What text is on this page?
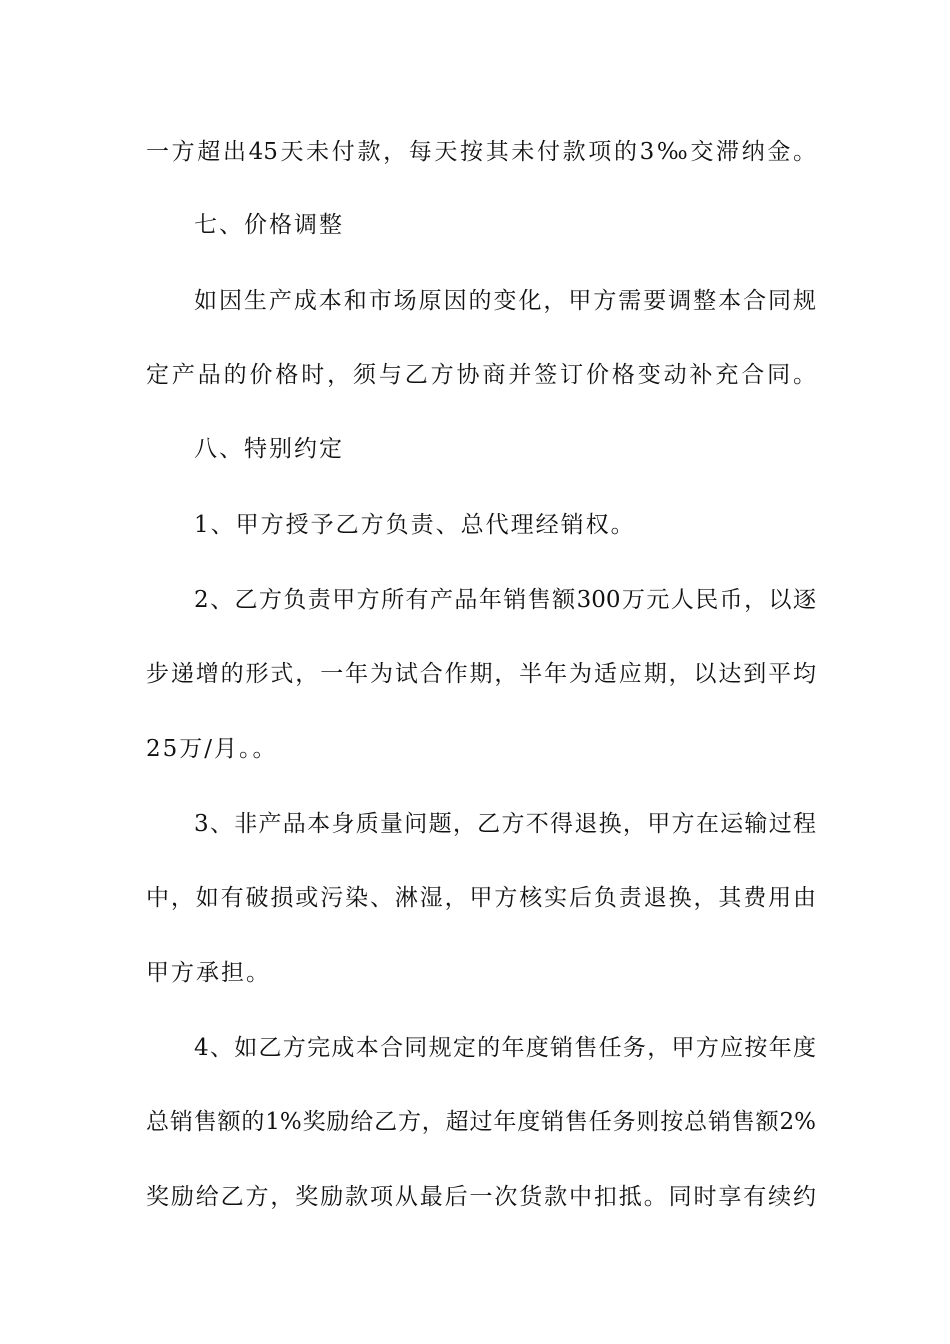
一方超出45天未付款，每天按其未付款项的3‰交滞纳金。
七、价格调整
如因生产成本和市场原因的变化，甲方需要调整本合同规
定产品的价格时，须与乙方协商并签订价格变动补充合同。
八、特别约定
1、甲方授予乙方负责、总代理经销权。
2、乙方负责甲方所有产品年销售额300万元人民币，以逐
步递增的形式，一年为试合作期，半年为适应期，以达到平均
25万/月。。
3、非产品本身质量问题，乙方不得退换，甲方在运输过程
中，如有破损或污染、淋湿，甲方核实后负责退换，其费用由
甲方承担。
4、如乙方完成本合同规定的年度销售任务，甲方应按年度
总销售额的1%奖励给乙方，超过年度销售任务则按总销售额2%
奖励给乙方，奖励款项从最后一次货款中扣抵。同时享有续约
